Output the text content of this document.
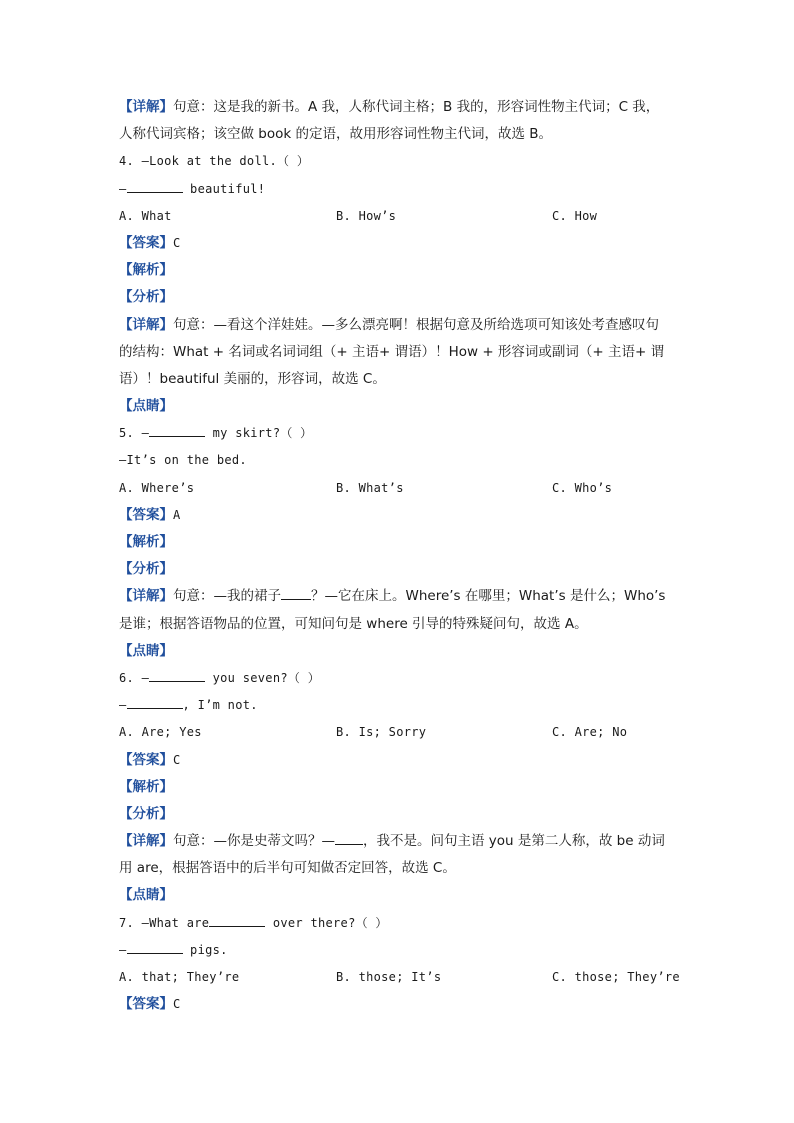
【详解】句意：这是我的新书。A 我，人称代词主格；B 我的，形容词性物主代词；C 我，
人称代词宾格；该空做 book 的定语，故用形容词性物主代词，故选 B。
4. —Look at the doll.（ ）
—	beautiful!
A. What	B. How’s	C. How
【答案】C
【解析】
【分析】
【详解】句意：—看这个洋娃娃。—多么漂亮啊！根据句意及所给选项可知该处考查感叹句
的结构：What + 名词或名词词组（+ 主语+ 谓语）！How + 形容词或副词（+ 主语+ 谓
语）！beautiful 美丽的，形容词，故选 C。
【点睛】
5. —	my skirt?（ ）
—It’s on the bed.
A. Where’s	B. What’s	C. Who’s
【答案】A
【解析】
【分析】
【详解】句意：—我的裙子 ？—它在床上。Where’s 在哪里；What’s 是什么；Who’s
是谁；根据答语物品的位置，可知问句是 where 引导的特殊疑问句，故选 A。
【点睛】
6. —	you seven?（ ）
—	, I’m not.
A. Are; Yes	B. Is; Sorry	C. Are; No
【答案】C
【解析】
【分析】
【详解】句意：—你是史蒂文吗？— ，我不是。问句主语 you 是第二人称，故 be 动词
用 are，根据答语中的后半句可知做否定回答，故选 C。
【点睛】
7. —What are	over there?（ ）
—	pigs.
A. that; They’re	B. those; It’s	C. those; They’re
【答案】C
